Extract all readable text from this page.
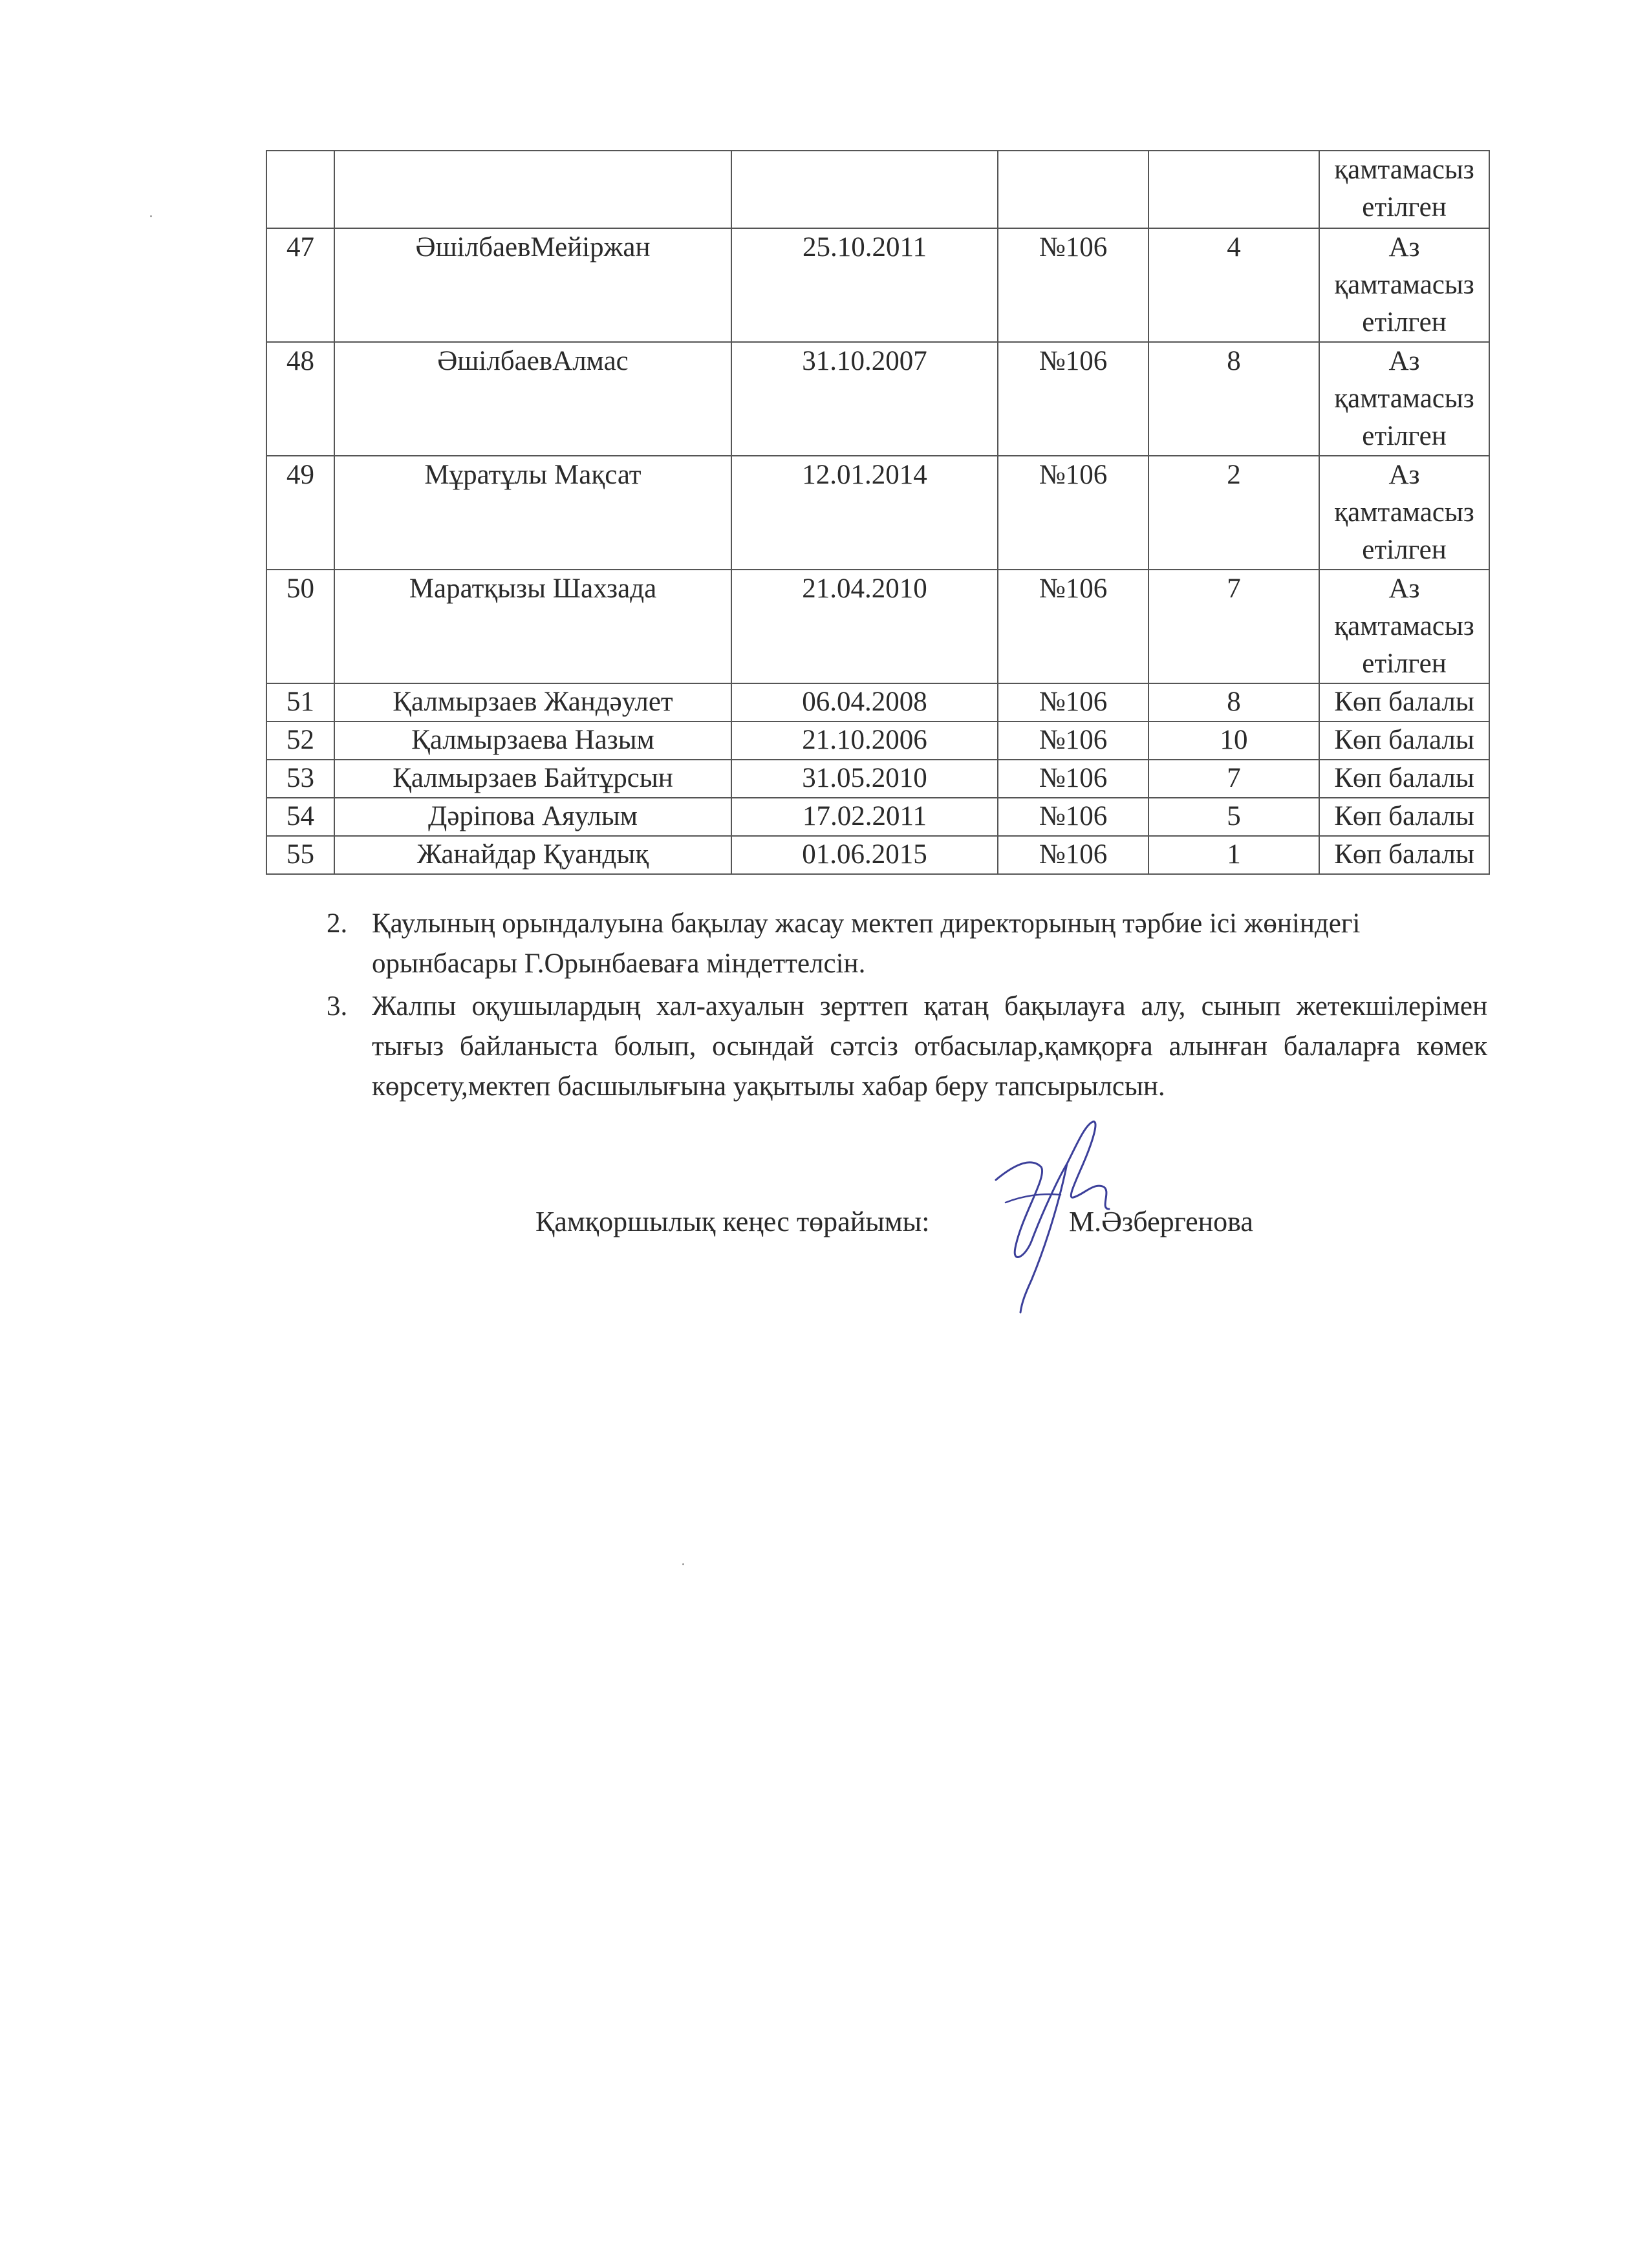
					қамтамасыз етілген
47	ӘшілбаевМейіржан	25.10.2011	№106	4	Аз қамтамасыз етілген
48	ӘшілбаевАлмас	31.10.2007	№106	8	Аз қамтамасыз етілген
49	Мұратұлы Мақсат	12.01.2014	№106	2	Аз қамтамасыз етілген
50	Маратқызы Шахзада	21.04.2010	№106	7	Аз қамтамасыз етілген
51	Қалмырзаев Жандәулет	06.04.2008	№106	8	Көп балалы
52	Қалмырзаева Назым	21.10.2006	№106	10	Көп балалы
53	Қалмырзаев Байтұрсын	31.05.2010	№106	7	Көп балалы
54	Дәріпова Аяулым	17.02.2011	№106	5	Көп балалы
55	Жанайдар Қуандық	01.06.2015	№106	1	Көп балалы
2. Қаулының орындалуына бақылау жасау мектеп директорының тәрбие ісі жөніндегі орынбасары Г.Орынбаеваға міндеттелсін.
3. Жалпы оқушылардың хал-ахуалын зерттеп қатаң бақылауға алу, сынып жетекшілерімен тығыз байланыста болып, осындай сәтсіз отбасылар,қамқорға алынған балаларға көмек көрсету,мектеп басшылығына уақытылы хабар беру тапсырылсын.
Қамқоршылық кеңес төрайымы:	М.Әзбергенова
